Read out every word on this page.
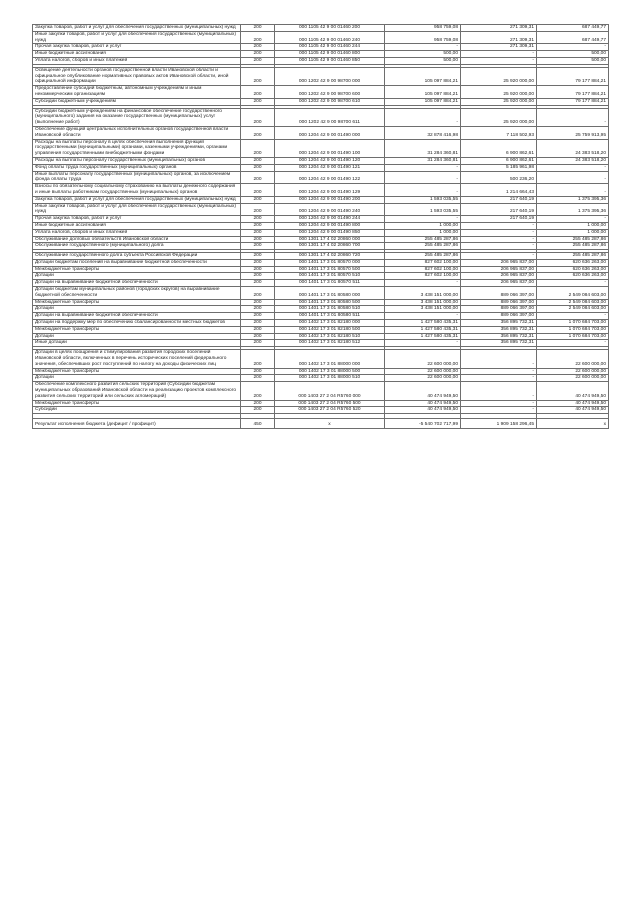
Закупка товаров, работ и услуг для обеспечения государственных (муниципальных) нужд	200	000 1105 42 9 00 01460 200	958 759,08	271 309,31	687 449,77
Иные закупки товаров, работ и услуг для обеспечения государственных (муниципальных) нужд	200	000 1105 42 9 00 01460 240	958 759,08	271 309,31	687 449,77
Прочая закупка товаров, работ и услуг	200	000 1105 42 9 00 01460 244	-	271 309,31	-
Иные бюджетные ассигнования	200	000 1105 42 9 00 01460 800	500,00	-	500,00
Уплата налогов, сборов и иных платежей	200	000 1105 42 9 00 01460 850	500,00	-	500,00

Освещение деятельности органов государственной власти Ивановской области и официальное опубликование нормативных правовых актов Ивановской области, иной официальной информации	200	000 1202 42 9 00 98700 000	105 097 884,21	25 920 000,00	79 177 884,21
Предоставление субсидий бюджетным, автономным учреждениям и иным некоммерческим организациям	200	000 1202 42 9 00 98700 600	105 097 884,21	25 920 000,00	79 177 884,21
Субсидии бюджетным учреждениям	200	000 1202 42 9 00 98700 610	105 097 884,21	25 920 000,00	79 177 884,21

Субсидии бюджетным учреждениям на финансовое обеспечение государственного (муниципального) задания на оказание государственных (муниципальных) услуг (выполнение работ)	200	000 1202 42 9 00 98700 611	-	25 920 000,00	-
Обеспечение функций центральных исполнительных органов государственной власти Ивановской области	200	000 1204 42 9 00 01490 000	32 878 416,98	7 118 502,93	25 759 913,95
Расходы на выплаты персоналу в целях обеспечения выполнения функций государственными (муниципальными) органами, казенными учреждениями, органами управления государственными внебюджетными фондами	200	000 1204 42 9 00 01490 100	31 284 360,81	6 900 862,61	24 383 518,20
Расходы на выплаты персоналу государственных (муниципальных) органов	200	000 1204 42 9 00 01490 120	31 284 360,81	6 900 862,61	24 383 518,20
Фонд оплаты труда государственных (муниципальных) органов	200	000 1204 42 9 00 01490 121	-	5 185 961,98	-
Иные выплаты персоналу государственных (муниципальных) органов, за исключением фонда оплаты труда	200	000 1204 42 9 00 01490 122	-	500 236,20	-
Взносы по обязательному социальному страхованию на выплаты денежного содержания и иные выплаты работникам государственных (муниципальных) органов	200	000 1204 42 9 00 01490 129	-	1 214 664,43	-
Закупка товаров, работ и услуг для обеспечения государственных (муниципальных) нужд	200	000 1204 42 9 00 01490 200	1 593 035,55	217 640,19	1 375 395,36
Иные закупки товаров, работ и услуг для обеспечения государственных (муниципальных) нужд	200	000 1204 42 9 00 01490 240	1 593 035,55	217 640,19	1 375 395,36
Прочая закупка товаров, работ и услуг	200	000 1204 42 9 00 01490 244	-	217 640,19	-
Иные бюджетные ассигнования	200	000 1204 42 9 00 01490 800	1 000,00	-	1 000,00
Уплата налогов, сборов и иных платежей	200	000 1204 42 9 00 01490 850	1 000,00	-	1 000,00
Обслуживание долговых обязательств Ивановской области	200	000 1301 17 4 02 20860 000	255 485 287,86	-	255 485 287,86
Обслуживание государственного (муниципального) долга	200	000 1301 17 4 02 20860 700	255 485 287,86	-	255 485 287,86

Обслуживание государственного долга субъекта Российской Федерации	200	000 1301 17 4 02 20860 720	255 485 287,86	-	255 485 287,86
Дотации бюджетам поселений на выравнивание бюджетной обеспеченности	200	000 1401 17 3 01 80570 000	827 602 100,00	206 965 837,00	620 636 263,00
Межбюджетные трансферты	200	000 1401 17 3 01 80570 500	827 602 100,00	206 965 837,00	620 636 263,00
Дотации	200	000 1401 17 3 01 80570 510	827 602 100,00	206 965 837,00	620 636 263,00
Дотации на выравнивание бюджетной обеспеченности	200	000 1401 17 3 01 80570 511	-	206 965 837,00	-
Дотации бюджетам муниципальных районов (городских округов) на выравнивание бюджетной обеспеченности	200	000 1401 17 3 01 80580 000	3 438 151 000,00	889 066 397,00	2 549 084 603,00
Межбюджетные трансферты	200	000 1401 17 3 01 80580 500	3 438 151 000,00	889 066 397,00	2 549 084 603,00
Дотации	200	000 1401 17 3 01 80580 510	3 438 151 000,00	889 066 397,00	2 549 084 603,00
Дотации на выравнивание бюджетной обеспеченности	200	000 1401 17 3 01 80580 511	-	889 066 397,00	-
Дотации на поддержку мер по обеспечению сбалансированности местных бюджетов	200	000 1402 17 3 01 82180 000	1 427 580 435,31	356 895 732,31	1 070 684 703,00
Межбюджетные трансферты	200	000 1402 17 3 01 82180 500	1 427 580 435,31	356 895 732,31	1 070 684 703,00
Дотации	200	000 1402 17 3 01 82180 510	1 427 580 435,31	356 895 732,31	1 070 684 703,00
Иные дотации	200	000 1402 17 3 01 82180 512	-	356 895 732,31	-

Дотации в целях поощрения и стимулирования развития городских поселений Ивановской области, включенных в перечень исторических поселений федерального значения, обеспечивших рост поступлений по налогу на доходы физических лиц	200	000 1402 17 3 01 88000 000	22 600 000,00	-	22 600 000,00
Межбюджетные трансферты	200	000 1402 17 3 01 88000 500	22 600 000,00	-	22 600 000,00
Дотации	200	000 1402 17 3 01 88000 510	22 600 000,00	-	22 600 000,00
Обеспечение комплексного развития сельских территорий (Субсидии бюджетам муниципальных образований Ивановской области на реализацию проектов комплексного развития сельских территорий или сельских агломераций)	200	000 1403 27 2 04 R5760 000	40 474 949,50	-	40 474 949,50
Межбюджетные трансферты	200	000 1403 27 2 04 R5760 500	40 474 949,50	-	40 474 949,50
Субсидии	200	000 1403 27 2 04 R5760 520	40 474 949,50	-	40 474 949,50

Результат исполнения бюджета (дефицит / профицит)	450	x	-5 540 702 717,99	1 909 158 296,45	x
